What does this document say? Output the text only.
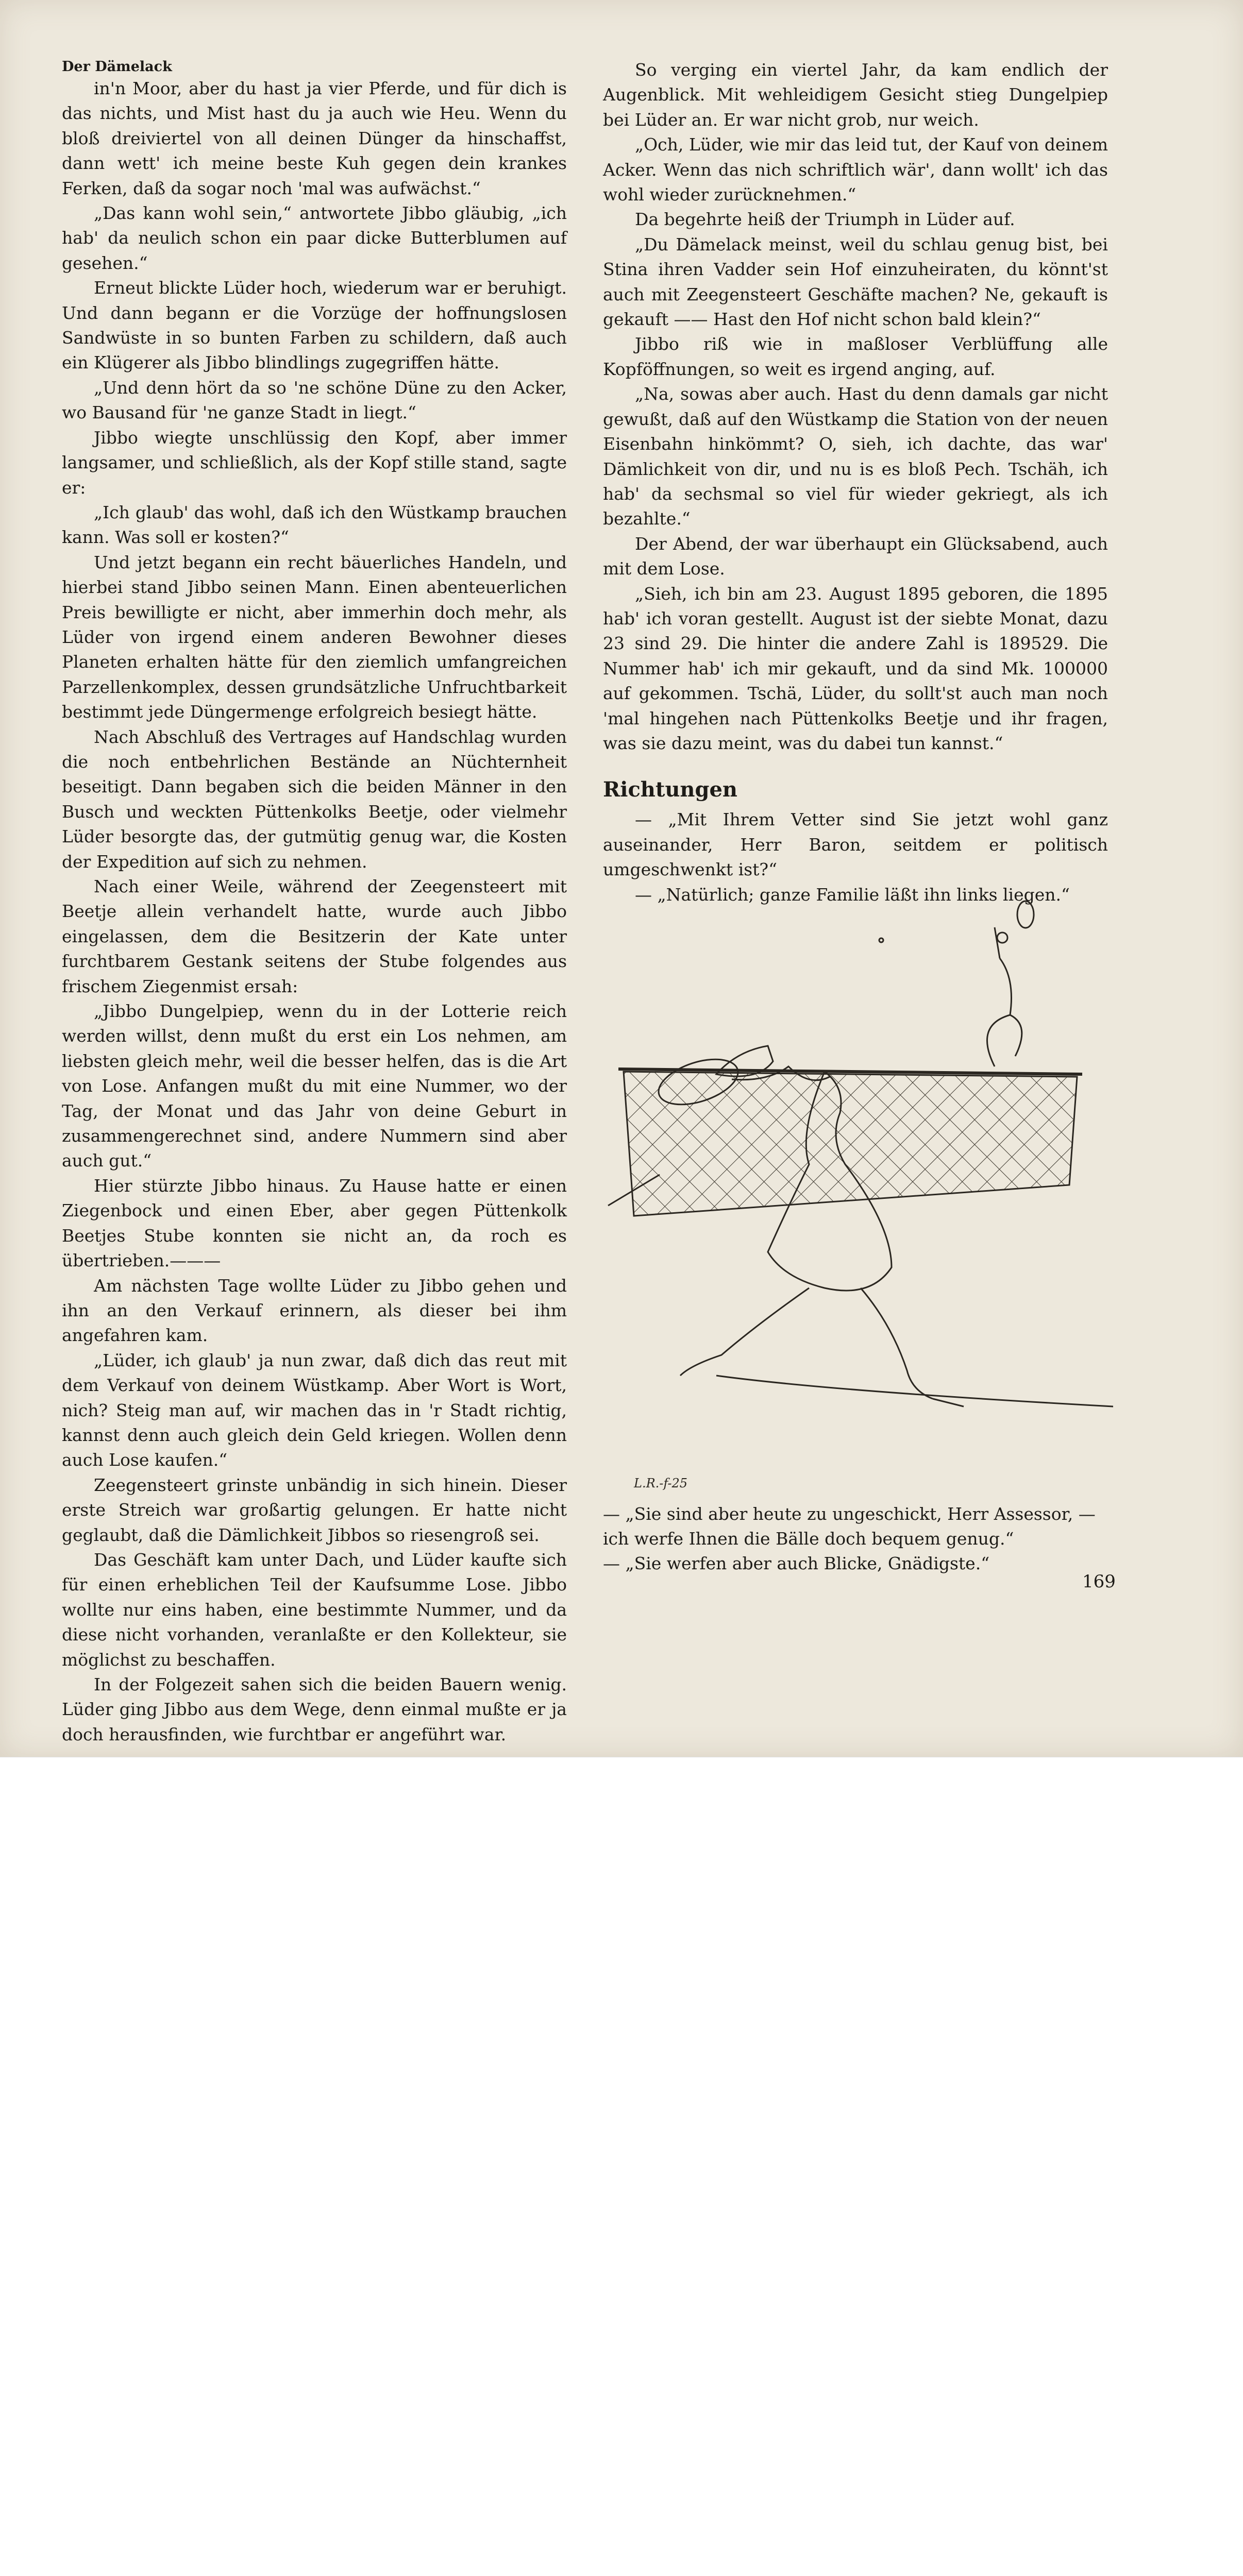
Der Dämelack

in'n Moor, aber du hast ja vier Pferde, und für dich is das nichts, und Mist hast du ja auch wie Heu. Wenn du bloß dreiviertel von all deinen Dünger da hinschaffst, dann wett' ich meine beste Kuh gegen dein krankes Ferken, daß da sogar noch 'mal was aufwächst.“

„Das kann wohl sein,“ antwortete Jibbo gläubig, „ich hab' da neulich schon ein paar dicke Butterblumen auf gesehen.“

Erneut blickte Lüder hoch, wiederum war er beruhigt. Und dann begann er die Vorzüge der hoffnungslosen Sandwüste in so bunten Farben zu schildern, daß auch ein Klügerer als Jibbo blindlings zugegriffen hätte.

„Und denn hört da so 'ne schöne Düne zu den Acker, wo Bausand für 'ne ganze Stadt in liegt.“

Jibbo wiegte unschlüssig den Kopf, aber immer langsamer, und schließlich, als der Kopf stille stand, sagte er:

„Ich glaub' das wohl, daß ich den Wüstkamp brauchen kann. Was soll er kosten?“

Und jetzt begann ein recht bäuerliches Handeln, und hierbei stand Jibbo seinen Mann. Einen abenteuerlichen Preis bewilligte er nicht, aber immerhin doch mehr, als Lüder von irgend einem anderen Bewohner dieses Planeten erhalten hätte für den ziemlich umfangreichen Parzellenkomplex, dessen grundsätzliche Unfruchtbarkeit bestimmt jede Düngermenge erfolgreich besiegt hätte.

Nach Abschluß des Vertrages auf Handschlag wurden die noch entbehrlichen Bestände an Nüchternheit beseitigt. Dann begaben sich die beiden Männer in den Busch und weckten Püttenkolks Beetje, oder vielmehr Lüder besorgte das, der gutmütig genug war, die Kosten der Expedition auf sich zu nehmen.

Nach einer Weile, während der Zeegensteert mit Beetje allein verhandelt hatte, wurde auch Jibbo eingelassen, dem die Besitzerin der Kate unter furchtbarem Gestank seitens der Stube folgendes aus frischem Ziegenmist ersah:

„Jibbo Dungelpiep, wenn du in der Lotterie reich werden willst, denn mußt du erst ein Los nehmen, am liebsten gleich mehr, weil die besser helfen, das is die Art von Lose. Anfangen mußt du mit eine Nummer, wo der Tag, der Monat und das Jahr von deine Geburt in zusammengerechnet sind, andere Nummern sind aber auch gut.“

Hier stürzte Jibbo hinaus. Zu Hause hatte er einen Ziegenbock und einen Eber, aber gegen Püttenkolk Beetjes Stube konnten sie nicht an, da roch es übertrieben.———

Am nächsten Tage wollte Lüder zu Jibbo gehen und ihn an den Verkauf erinnern, als dieser bei ihm angefahren kam.

„Lüder, ich glaub' ja nun zwar, daß dich das reut mit dem Verkauf von deinem Wüstkamp. Aber Wort is Wort, nich? Steig man auf, wir machen das in 'r Stadt richtig, kannst denn auch gleich dein Geld kriegen. Wollen denn auch Lose kaufen.“

Zeegensteert grinste unbändig in sich hinein. Dieser erste Streich war großartig gelungen. Er hatte nicht geglaubt, daß die Dämlichkeit Jibbos so riesengroß sei.

Das Geschäft kam unter Dach, und Lüder kaufte sich für einen erheblichen Teil der Kaufsumme Lose. Jibbo wollte nur eins haben, eine bestimmte Nummer, und da diese nicht vorhanden, veranlaßte er den Kollekteur, sie möglichst zu beschaffen.

In der Folgezeit sahen sich die beiden Bauern wenig. Lüder ging Jibbo aus dem Wege, denn einmal mußte er ja doch herausfinden, wie furchtbar er angeführt war.

So verging ein viertel Jahr, da kam endlich der Augenblick. Mit wehleidigem Gesicht stieg Dungelpiep bei Lüder an. Er war nicht grob, nur weich.

„Och, Lüder, wie mir das leid tut, der Kauf von deinem Acker. Wenn das nich schriftlich wär', dann wollt' ich das wohl wieder zurücknehmen.“

Da begehrte heiß der Triumph in Lüder auf.

„Du Dämelack meinst, weil du schlau genug bist, bei Stina ihren Vadder sein Hof einzuheiraten, du könnt'st auch mit Zeegensteert Geschäfte machen? Ne, gekauft is gekauft —— Hast den Hof nicht schon bald klein?“

Jibbo riß wie in maßloser Verblüffung alle Kopföffnungen, so weit es irgend anging, auf.

„Na, sowas aber auch. Hast du denn damals gar nicht gewußt, daß auf den Wüstkamp die Station von der neuen Eisenbahn hinkömmt? O, sieh, ich dachte, das war' Dämlichkeit von dir, und nu is es bloß Pech. Tschäh, ich hab' da sechsmal so viel für wieder gekriegt, als ich bezahlte.“

Der Abend, der war überhaupt ein Glücksabend, auch mit dem Lose.

„Sieh, ich bin am 23. August 1895 geboren, die 1895 hab' ich voran gestellt. August ist der siebte Monat, dazu 23 sind 29. Die hinter die andere Zahl is 189529. Die Nummer hab' ich mir gekauft, und da sind Mk. 100000 auf gekommen. Tschä, Lüder, du sollt'st auch man noch 'mal hingehen nach Püttenkolks Beetje und ihr fragen, was sie dazu meint, was du dabei tun kannst.“

Richtungen

— „Mit Ihrem Vetter sind Sie jetzt wohl ganz auseinander, Herr Baron, seitdem er politisch umgeschwenkt ist?“

— „Natürlich; ganze Familie läßt ihn links liegen.“

L.R.-f-25

— „Sie sind aber heute zu ungeschickt, Herr Assessor, — ich werfe Ihnen die Bälle doch bequem genug.“

— „Sie werfen aber auch Blicke, Gnädigste.“

169
